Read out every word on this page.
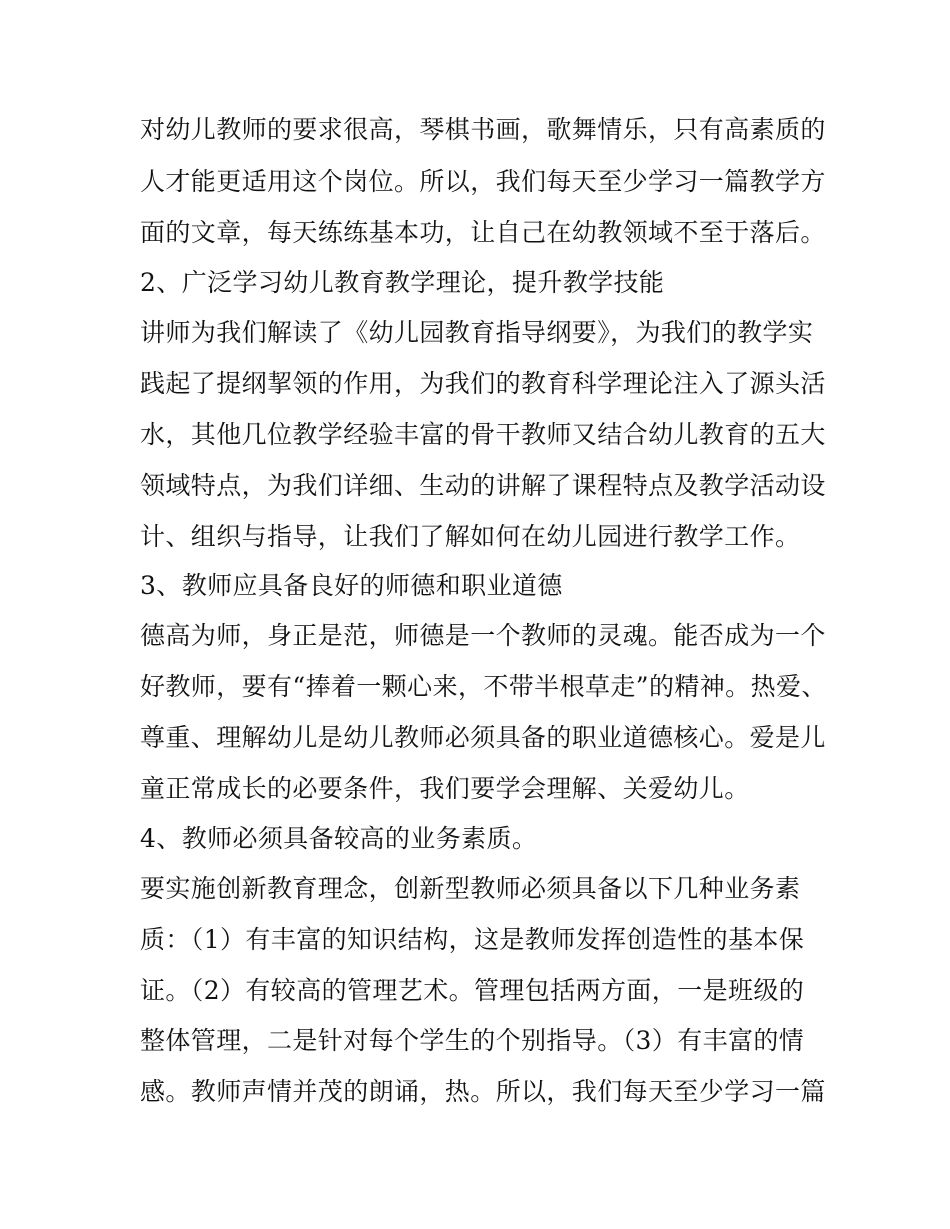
对幼儿教师的要求很高，琴棋书画，歌舞情乐，只有高素质的
人才能更适用这个岗位。所以，我们每天至少学习一篇教学方
面的文章，每天练练基本功，让自己在幼教领域不至于落后。
2、广泛学习幼儿教育教学理论，提升教学技能
讲师为我们解读了《幼儿园教育指导纲要》，为我们的教学实
践起了提纲挈领的作用，为我们的教育科学理论注入了源头活
水，其他几位教学经验丰富的骨干教师又结合幼儿教育的五大
领域特点，为我们详细、生动的讲解了课程特点及教学活动设
计、组织与指导，让我们了解如何在幼儿园进行教学工作。
3、教师应具备良好的师德和职业道德
德高为师，身正是范，师德是一个教师的灵魂。能否成为一个
好教师，要有“捧着一颗心来，不带半根草走”的精神。热爱、
尊重、理解幼儿是幼儿教师必须具备的职业道德核心。爱是儿
童正常成长的必要条件，我们要学会理解、关爱幼儿。
4、教师必须具备较高的业务素质。
要实施创新教育理念，创新型教师必须具备以下几种业务素
质：（1）有丰富的知识结构，这是教师发挥创造性的基本保
证。（2）有较高的管理艺术。管理包括两方面，一是班级的
整体管理，二是针对每个学生的个别指导。（3）有丰富的情
感。教师声情并茂的朗诵，热。所以，我们每天至少学习一篇
